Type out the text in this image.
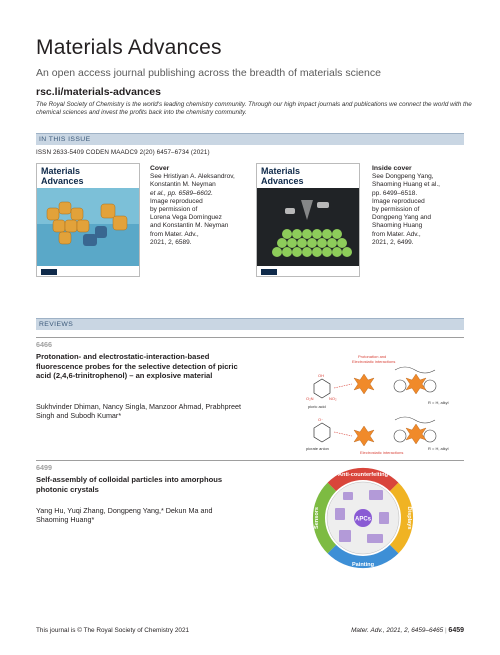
Materials Advances
An open access journal publishing across the breadth of materials science
rsc.li/materials-advances
The Royal Society of Chemistry is the world's leading chemistry community. Through our high impact journals and publications we connect the world with the chemical sciences and invest the profits back into the chemistry community.
IN THIS ISSUE
ISSN 2633-5409 CODEN MAADC9 2(20) 6457–6734 (2021)
Materials
Advances
Cover
See Hristiyan A. Aleksandrov,
Konstantin M. Neyman
et al., pp. 6589–6602.
Image reproduced
by permission of
Lorena Vega Domínguez
and Konstantin M. Neyman
from Mater. Adv.,
2021, 2, 6589.
Materials
Advances
Inside cover
See Dongpeng Yang,
Shaoming Huang et al.,
pp. 6499–6518.
Image reproduced
by permission of
Dongpeng Yang and
Shaoming Huang
from Mater. Adv.,
2021, 2, 6499.
REVIEWS
6466
Protonation- and electrostatic-interaction-based fluorescence probes for the selective detection of picric acid (2,4,6-trinitrophenol) – an explosive material
Sukhvinder Dhiman, Nancy Singla, Manzoor Ahmad, Prabhpreet Singh and Subodh Kumar*
OH
O₂N	NO₂
O⁻
Protonation and
Electrostatic interactions
Electrostatic interactions
picric acid
picrate anion
R = H, alkyl
R = H, alkyl
6499
Self-assembly of colloidal particles into amorphous photonic crystals
Yang Hu, Yuqi Zhang, Dongpeng Yang,* Dekun Ma and Shaoming Huang*	APCs
Anti-counterfeiting
Painting
Displays
Sensors
This journal is © The Royal Society of Chemistry 2021	Mater. Adv., 2021, 2, 6459–6465 | 6459
